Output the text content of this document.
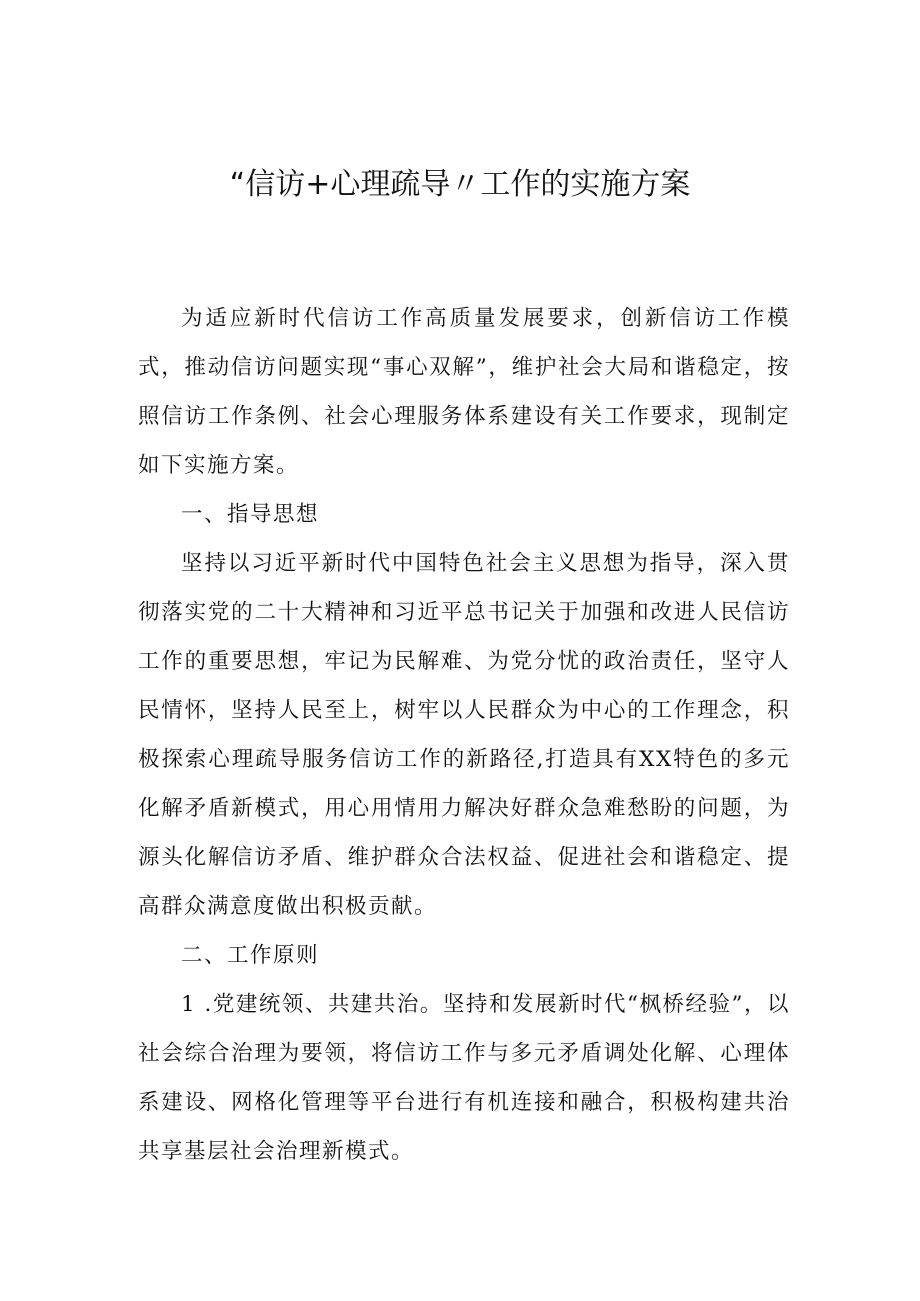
“信访+心理疏导〃工作的实施方案

为适应新时代信访工作高质量发展要求，创新信访工作模式，推动信访问题实现“事心双解”，维护社会大局和谐稳定，按照信访工作条例、社会心理服务体系建设有关工作要求，现制定如下实施方案。

一、指导思想

坚持以习近平新时代中国特色社会主义思想为指导，深入贯彻落实党的二十大精神和习近平总书记关于加强和改进人民信访工作的重要思想，牢记为民解难、为党分忧的政治责任，坚守人民情怀，坚持人民至上，树牢以人民群众为中心的工作理念，积极探索心理疏导服务信访工作的新路径,打造具有XX特色的多元化解矛盾新模式，用心用情用力解决好群众急难愁盼的问题，为源头化解信访矛盾、维护群众合法权益、促进社会和谐稳定、提高群众满意度做出积极贡献。

二、工作原则

1 .党建统领、共建共治。坚持和发展新时代“枫桥经验”，以社会综合治理为要领，将信访工作与多元矛盾调处化解、心理体系建设、网格化管理等平台进行有机连接和融合，积极构建共治共享基层社会治理新模式。
